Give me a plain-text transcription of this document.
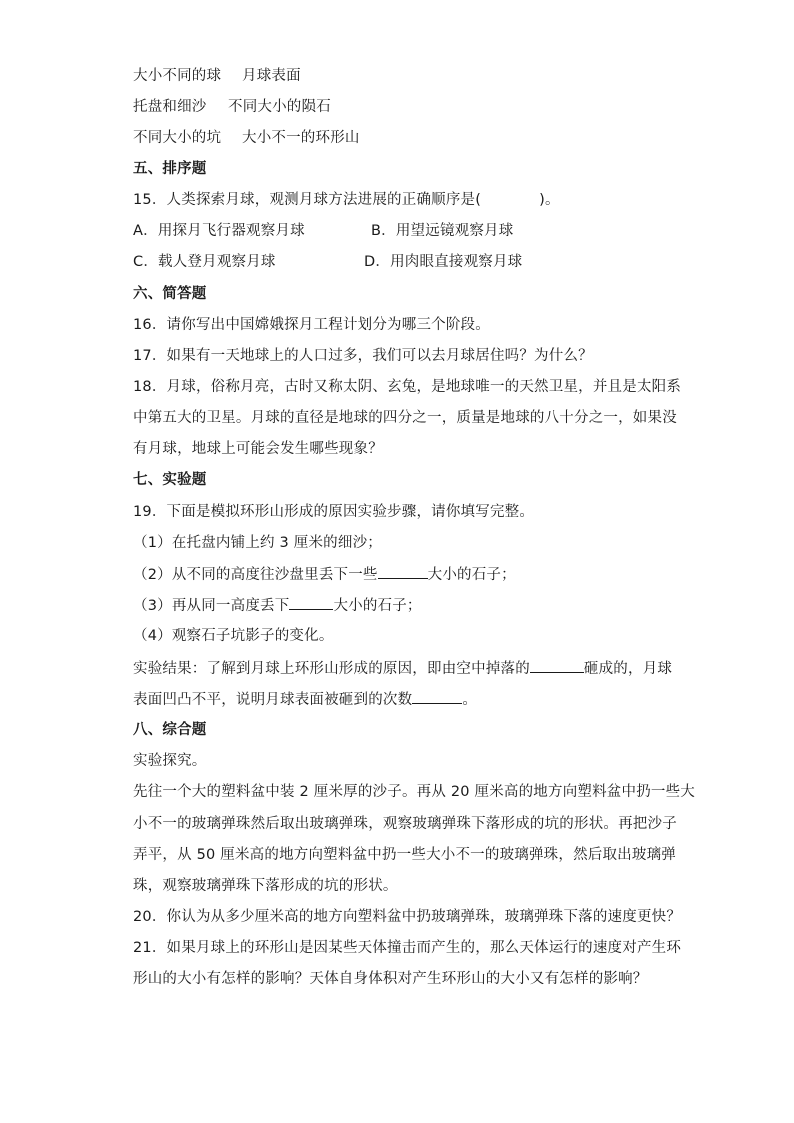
大小不同的球 月球表面
托盘和细沙 不同大小的陨石
不同大小的坑 大小不一的环形山
五、排序题
15．人类探索月球，观测月球方法进展的正确顺序是(	)。
A．用探月飞行器观察月球	B．用望远镜观察月球
C．载人登月观察月球	D．用肉眼直接观察月球
六、简答题
16．请你写出中国嫦娥探月工程计划分为哪三个阶段。
17．如果有一天地球上的人口过多，我们可以去月球居住吗？为什么？
18．月球，俗称月亮，古时又称太阴、玄兔，是地球唯一的天然卫星，并且是太阳系
中第五大的卫星。月球的直径是地球的四分之一，质量是地球的八十分之一，如果没
有月球，地球上可能会发生哪些现象？
七、实验题
19．下面是模拟环形山形成的原因实验步骤，请你填写完整。
（1）在托盘内铺上约 3 厘米的细沙；
（2）从不同的高度往沙盘里丢下一些	大小的石子；
（3）再从同一高度丢下	大小的石子；
（4）观察石子坑影子的变化。
实验结果：了解到月球上环形山形成的原因，即由空中掉落的	砸成的，月球
表面凹凸不平，说明月球表面被砸到的次数	。
八、综合题
实验探究。
先往一个大的塑料盆中装 2 厘米厚的沙子。再从 20 厘米高的地方向塑料盆中扔一些大
小不一的玻璃弹珠然后取出玻璃弹珠，观察玻璃弹珠下落形成的坑的形状。再把沙子
弄平，从 50 厘米高的地方向塑料盆中扔一些大小不一的玻璃弹珠，然后取出玻璃弹
珠，观察玻璃弹珠下落形成的坑的形状。
20．你认为从多少厘米高的地方向塑料盆中扔玻璃弹珠，玻璃弹珠下落的速度更快？
21．如果月球上的环形山是因某些天体撞击而产生的，那么天体运行的速度对产生环
形山的大小有怎样的影响？天体自身体积对产生环形山的大小又有怎样的影响？
